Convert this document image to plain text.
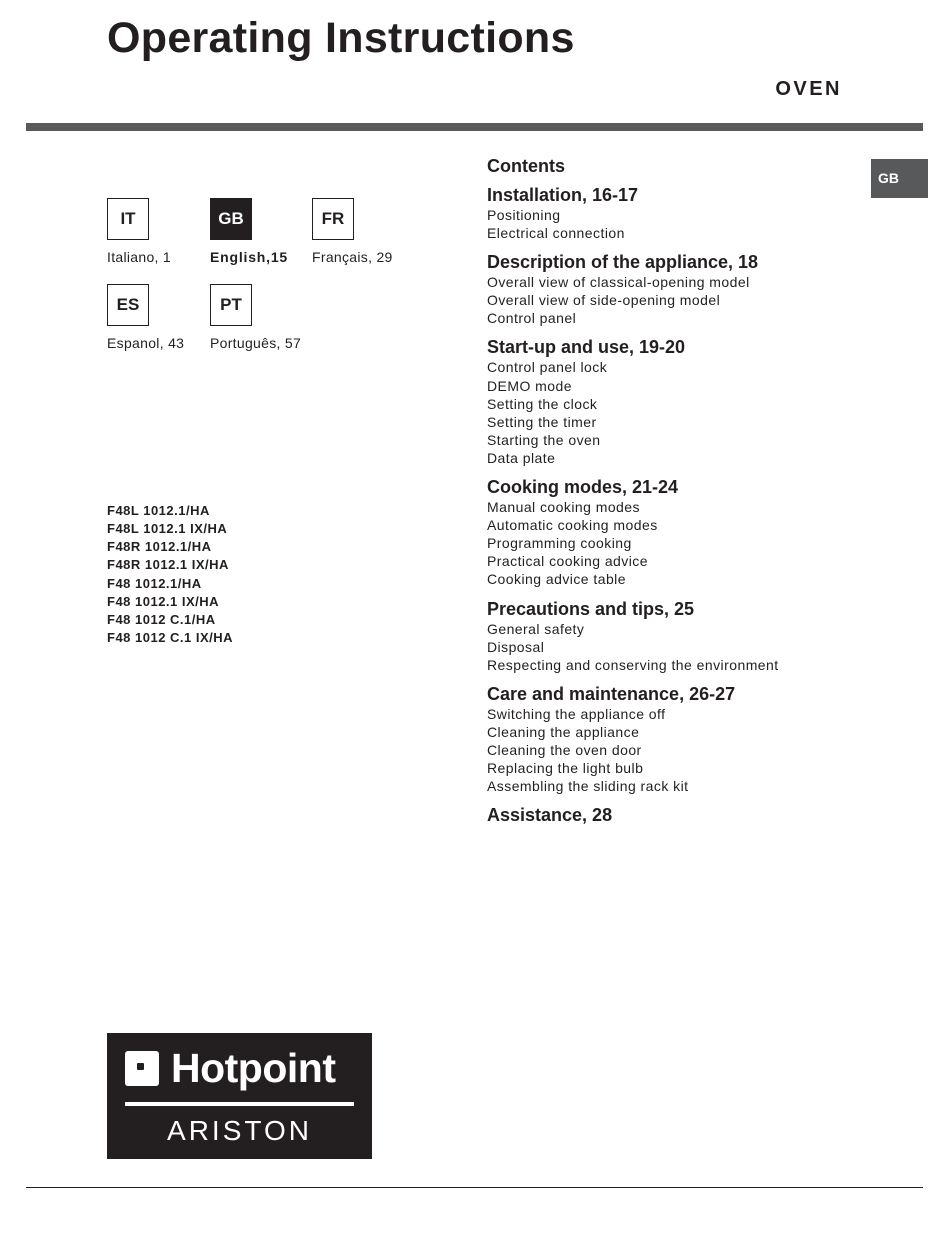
Operating Instructions
OVEN
GB
IT
Italiano, 1
GB
English,15
FR
Français, 29
ES
Espanol, 43
PT
Português, 57
F48L 1012.1/HA
F48L 1012.1 IX/HA
F48R 1012.1/HA
F48R 1012.1 IX/HA
F48 1012.1/HA
F48 1012.1 IX/HA
F48 1012 C.1/HA
F48 1012 C.1 IX/HA
Contents
Installation, 16-17
Positioning
Electrical connection
Description of the appliance, 18
Overall view of classical-opening model
Overall view of side-opening model
Control panel
Start-up and use, 19-20
Control panel lock
DEMO mode
Setting the clock
Setting the timer
Starting the oven
Data plate
Cooking modes, 21-24
Manual cooking modes
Automatic cooking modes
Programming cooking
Practical cooking advice
Cooking advice table
Precautions and tips, 25
General safety
Disposal
Respecting and conserving the environment
Care and maintenance, 26-27
Switching the appliance off
Cleaning the appliance
Cleaning the oven door
Replacing the light bulb
Assembling the sliding rack kit
Assistance, 28
Hotpoint
ARISTON
